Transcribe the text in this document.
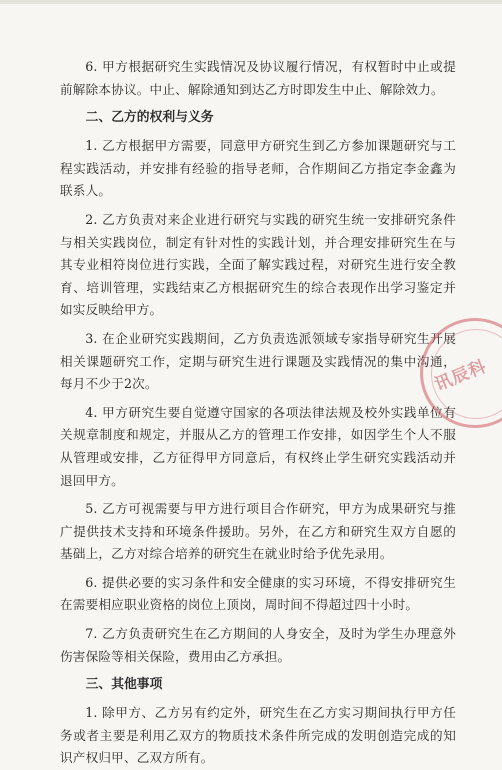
6. 甲方根据研究生实践情况及协议履行情况，有权暂时中止或提前解除本协议。中止、解除通知到达乙方时即发生中止、解除效力。

二、乙方的权利与义务

1. 乙方根据甲方需要，同意甲方研究生到乙方参加课题研究与工程实践活动，并安排有经验的指导老师，合作期间乙方指定李金鑫为联系人。

2. 乙方负责对来企业进行研究与实践的研究生统一安排研究条件与相关实践岗位，制定有针对性的实践计划，并合理安排研究生在与其专业相符岗位进行实践，全面了解实践过程，对研究生进行安全教育、培训管理，实践结束乙方根据研究生的综合表现作出学习鉴定并如实反映给甲方。

3. 在企业研究实践期间，乙方负责选派领域专家指导研究生开展相关课题研究工作，定期与研究生进行课题及实践情况的集中沟通，每月不少于2次。

4. 甲方研究生要自觉遵守国家的各项法律法规及校外实践单位有关规章制度和规定，并服从乙方的管理工作安排，如因学生个人不服从管理或安排，乙方征得甲方同意后，有权终止学生研究实践活动并退回甲方。

5. 乙方可视需要与甲方进行项目合作研究，甲方为成果研究与推广提供技术支持和环境条件援助。另外，在乙方和研究生双方自愿的基础上，乙方对综合培养的研究生在就业时给予优先录用。

6. 提供必要的实习条件和安全健康的实习环境，不得安排研究生在需要相应职业资格的岗位上顶岗，周时间不得超过四十小时。

7. 乙方负责研究生在乙方期间的人身安全，及时为学生办理意外伤害保险等相关保险，费用由乙方承担。

三、其他事项

1. 除甲方、乙方另有约定外，研究生在乙方实习期间执行甲方任务或者主要是利用乙双方的物质技术条件所完成的发明创造完成的知识产权归甲、乙双方所有。

讯辰科
